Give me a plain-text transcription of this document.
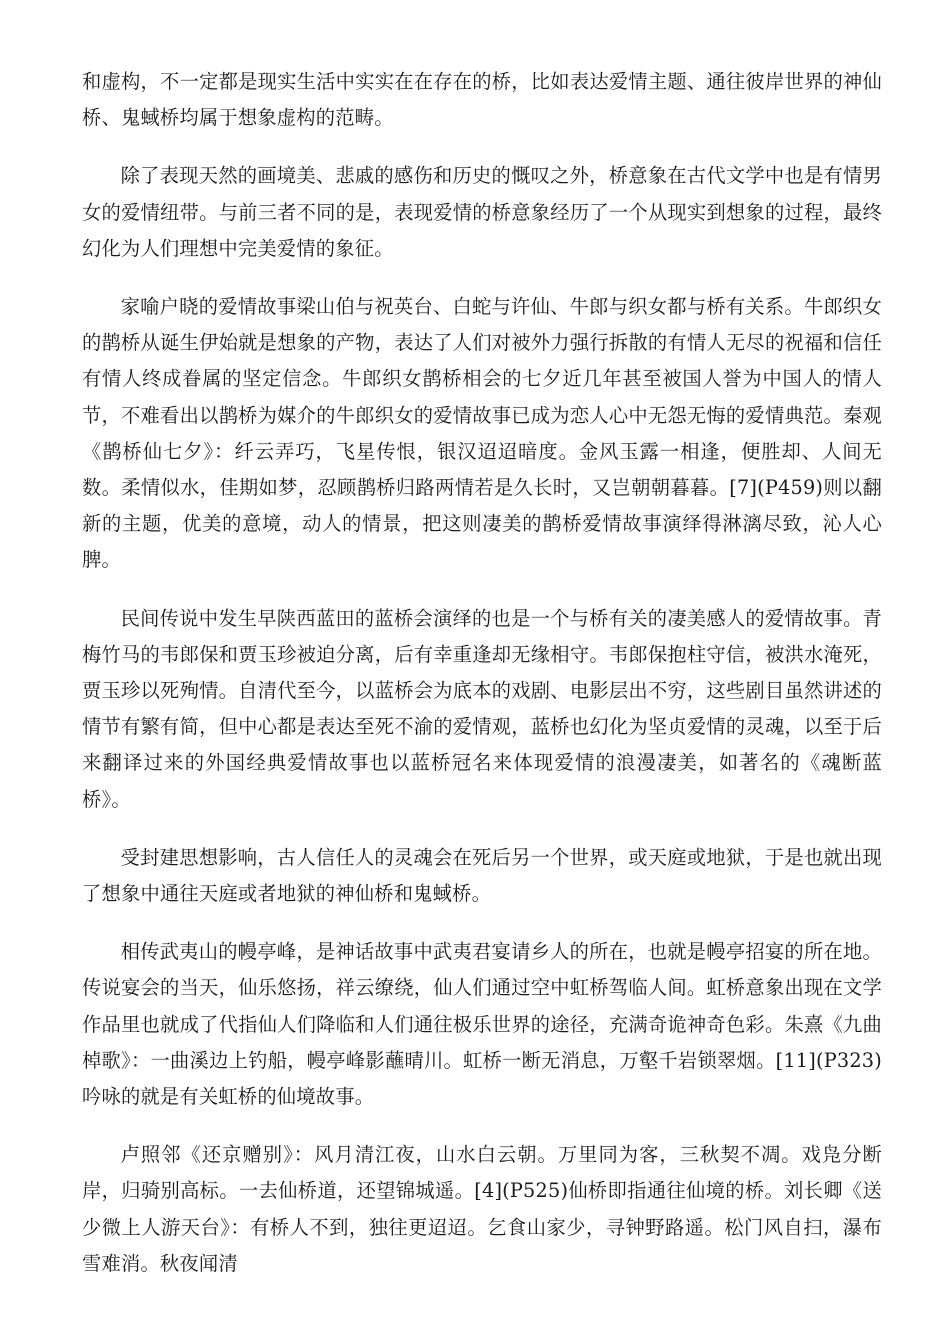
和虚构，不一定都是现实生活中实实在在存在的桥，比如表达爱情主题、通往彼岸世界的神仙桥、鬼蜮桥均属于想象虚构的范畴。

除了表现天然的画境美、悲戚的感伤和历史的慨叹之外，桥意象在古代文学中也是有情男女的爱情纽带。与前三者不同的是，表现爱情的桥意象经历了一个从现实到想象的过程，最终幻化为人们理想中完美爱情的象征。

家喻户晓的爱情故事梁山伯与祝英台、白蛇与许仙、牛郎与织女都与桥有关系。牛郎织女的鹊桥从诞生伊始就是想象的产物，表达了人们对被外力强行拆散的有情人无尽的祝福和信任有情人终成眷属的坚定信念。牛郎织女鹊桥相会的七夕近几年甚至被国人誉为中国人的情人节，不难看出以鹊桥为媒介的牛郎织女的爱情故事已成为恋人心中无怨无悔的爱情典范。秦观《鹊桥仙七夕》：纤云弄巧，飞星传恨，银汉迢迢暗度。金风玉露一相逢，便胜却、人间无数。柔情似水，佳期如梦，忍顾鹊桥归路两情若是久长时，又岂朝朝暮暮。[7](P459)则以翻新的主题，优美的意境，动人的情景，把这则凄美的鹊桥爱情故事演绎得淋漓尽致，沁人心脾。

民间传说中发生早陕西蓝田的蓝桥会演绎的也是一个与桥有关的凄美感人的爱情故事。青梅竹马的韦郎保和贾玉珍被迫分离，后有幸重逢却无缘相守。韦郎保抱柱守信，被洪水淹死，贾玉珍以死殉情。自清代至今，以蓝桥会为底本的戏剧、电影层出不穷，这些剧目虽然讲述的情节有繁有简，但中心都是表达至死不渝的爱情观，蓝桥也幻化为坚贞爱情的灵魂，以至于后来翻译过来的外国经典爱情故事也以蓝桥冠名来体现爱情的浪漫凄美，如著名的《魂断蓝桥》。

受封建思想影响，古人信任人的灵魂会在死后另一个世界，或天庭或地狱，于是也就出现了想象中通往天庭或者地狱的神仙桥和鬼蜮桥。

相传武夷山的幔亭峰，是神话故事中武夷君宴请乡人的所在，也就是幔亭招宴的所在地。传说宴会的当天，仙乐悠扬，祥云缭绕，仙人们通过空中虹桥驾临人间。虹桥意象出现在文学作品里也就成了代指仙人们降临和人们通往极乐世界的途径，充满奇诡神奇色彩。朱熹《九曲棹歌》：一曲溪边上钓船，幔亭峰影蘸晴川。虹桥一断无消息，万壑千岩锁翠烟。[11](P323)吟咏的就是有关虹桥的仙境故事。

卢照邻《还京赠别》：风月清江夜，山水白云朝。万里同为客，三秋契不凋。戏凫分断岸，归骑别高标。一去仙桥道，还望锦城遥。[4](P525)仙桥即指通往仙境的桥。刘长卿《送少微上人游天台》：有桥人不到，独往更迢迢。乞食山家少，寻钟野路遥。松门风自扫，瀑布雪难消。秋夜闻清
